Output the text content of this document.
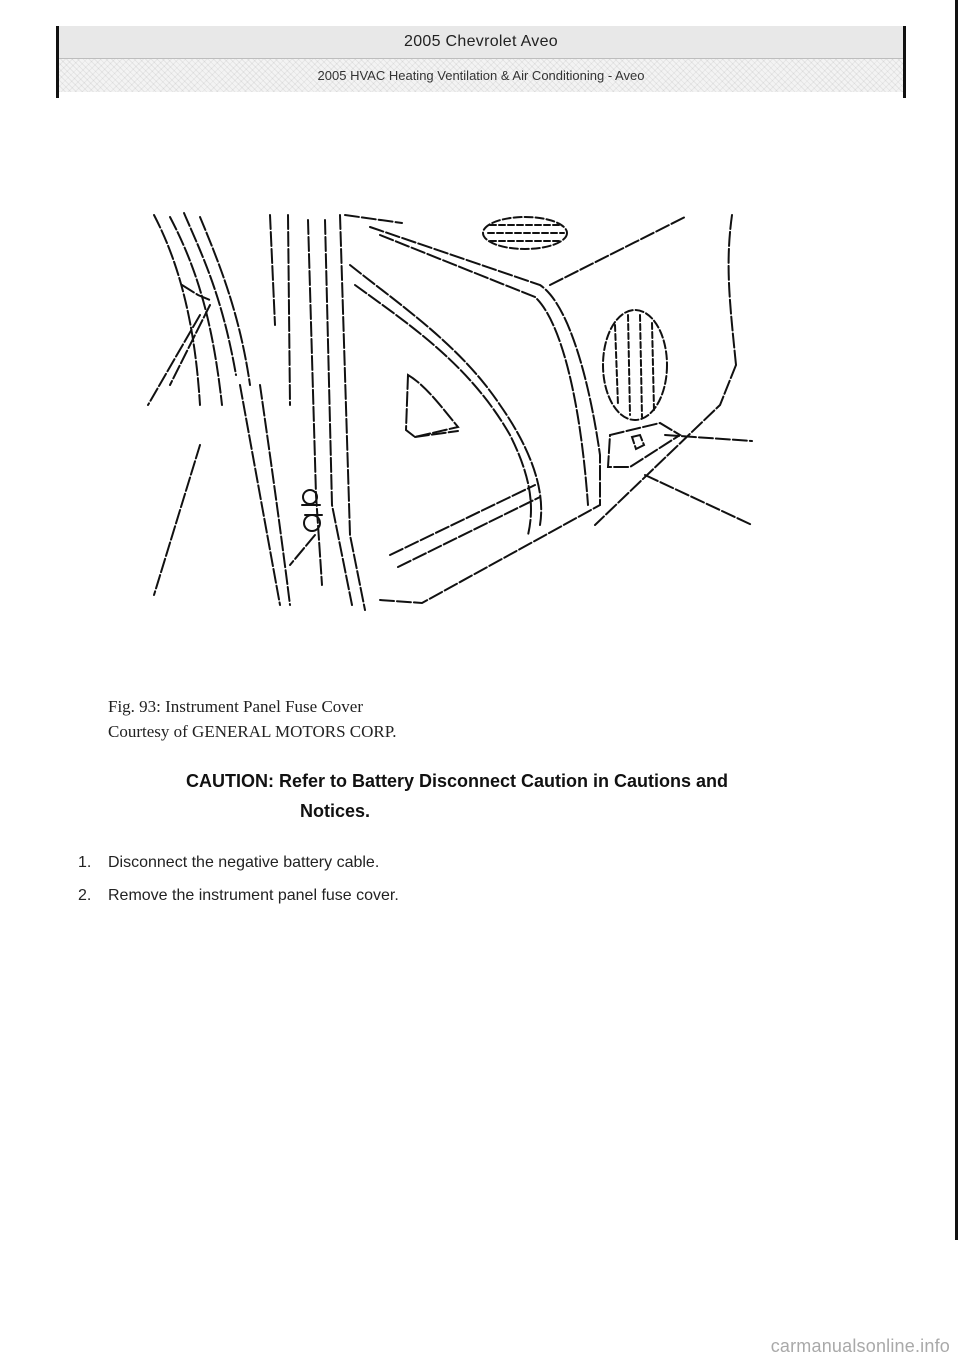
2005 Chevrolet Aveo
2005 HVAC Heating Ventilation & Air Conditioning - Aveo
Fig. 93: Instrument Panel Fuse Cover
Courtesy of GENERAL MOTORS CORP.
CAUTION: Refer to Battery Disconnect Caution in Cautions and
Notices.
1.	Disconnect the negative battery cable.
2.	Remove the instrument panel fuse cover.
carmanualsonline.info
